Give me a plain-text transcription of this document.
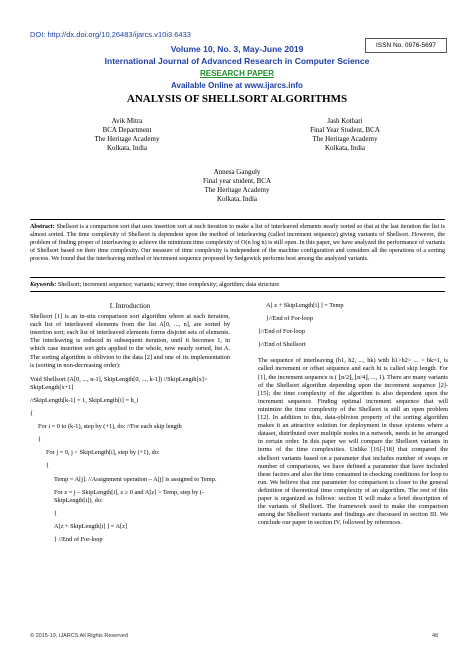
DOI: http://dx.doi.org/10.26483/ijarcs.v10i3.6433
ISSN No. 0976-5697
Volume 10, No. 3, May-June 2019
International Journal of Advanced Research in Computer Science
RESEARCH PAPER
Available Online at www.ijarcs.info
ANALYSIS OF SHELLSORT ALGORITHMS
Avik Mitra
BCA Department
The Heritage Academy
Kolkata, India
Jash Kothari
Final Year Student, BCA
The Heritage Academy
Kolkata, India
Annesa Ganguly
Final year student, BCA
The Heritage Academy
Kolkata, India
Abstract: Shellsort is a comparison sort that uses insertion sort at each iteration to make a list of interleaved elements nearly sorted so that at the last iteration the list is almost sorted. The time complexity of Shellsort is dependent upon the method of interleaving (called increment sequence) giving variants of Shellsort. However, the problem of finding proper of interleaving to achieve the minimum time complexity of O(n log n) is still open. In this paper, we have analyzed the performance of variants of Shellsort based on their time complexity. Our measure of time complexity is independent of the machine configuration and considers all the operations of a sorting process. We found that the interleaving method or increment sequence proposed by Sedgewick performs best among the analyzed variants.
Keywords: Shellsort; increment sequence; variants; survey; time complexity; algorithm; data structure
I. Introduction

Shellsort [1] is an in-situ comparison sort algorithm where at each iteration, each list of interleaved elements from the list A[0, ..., n], are sorted by insertion sort; each list of interleaved elements forms disjoint sets of elements. The interleaving is reduced in subsequent iteration, until it becomes 1, in which case insertion sort gets applied to the whole, now nearly sorted, list A. The sorting algorithm is oblivion to the data [2] and one of its implementation is (sorting in non-decreasing order):

Void Shellsort (A[0, ..., n-1], SkipLength[0, ..., k-1]) //SkipLength[x]> SkipLength[x+1]
//SkipLength[k-1] = 1, SkipLength[i] = h_i
{
For i = 0 to (k-1), step by (+1), do: //For each skip length
{
For j = 0, j < SkipLength[i], step by (+1), do:
{
Temp = A[j]. //Assignment operation – A[j] is assigned to Temp.
For z = j – SkipLength[i], z ≥ 0 and A[z] > Temp, step by (-SkipLength[i]), do:
{
A[z + SkipLength[i] ] = A[z]
} //End of For-loop
A[ z + SkipLength[i] ] = Temp
}//End of For-loop
}//End of For-loop
}//End of Shellsort

The sequence of interleaving (h1, h2, ..., hk) with h1>h2> ... > hk=1, is called increment or offset sequence and each hi is called skip length. For [1], the increment sequence is ( ⌊n/2⌋, ⌊n/4⌋, ..., 1). There are many variants of the Shellsort algorithm depending upon the increment sequence [2]-[15]; the time complexity of the algorithm is also dependent upon the increment sequence. Finding optimal increment sequence that will minimize the time complexity of the Shellsort is still an open problem [12]. In addition to this, data-oblivion property of the sorting algorithm makes it an attractive solution for deployment in those systems where a dataset, distributed over multiple nodes in a network, needs to be arranged in certain order. In this paper we will compare the Shellsort variants in terms of the time complexities. Unlike [16]-[18] that compared the shellsort variants based on a parameter that includes number of swaps or number of comparisons, we have defined a parameter that have included these factors and also the time consumed in checking conditions for loop to run. We believe that our parameter for comparison is closer to the general definition of theoretical time complexity of an algorithm. The rest of this paper is organized as follows: section II will make a brief description of the variants of Shellsort. The framework used to make the comparison among the Shellsort variants and findings are discussed in section III. We conclude our paper in section IV, followed by references.

© 2015-19, IJARCS All Rights Reserved	48
